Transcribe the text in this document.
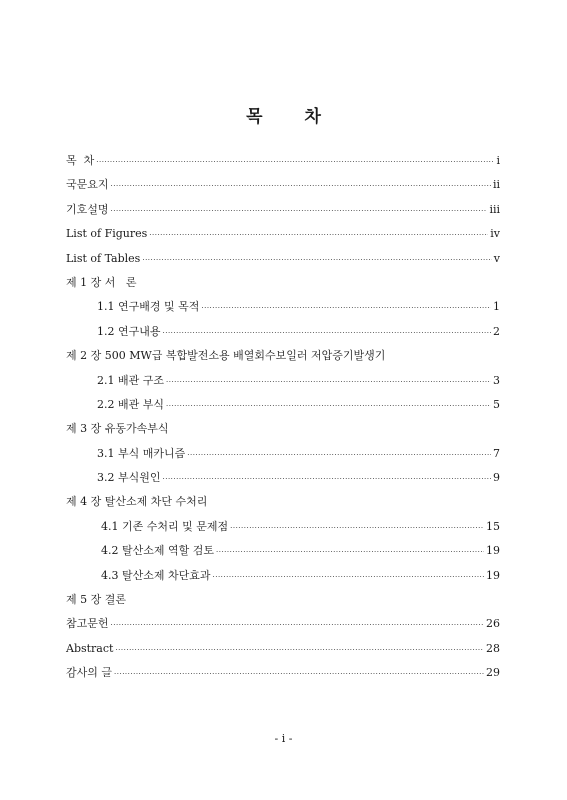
목 차
목  차 ·····	i
국문요지 ·····	ii
기호설명 ·····	iii
List of Figures ·····	iv
List of Tables ·····	v
제 1 장 서   론
1.1 연구배경 및 목적 ·····	1
1.2 연구내용 ·····	2
제 2 장 500 MW급 복합발전소용 배열회수보일러 저압증기발생기
2.1 배관 구조 ·····	3
2.2 배관 부식 ·····	5
제 3 장 유동가속부식
3.1 부식 매카니즘 ·····	7
3.2 부식원인 ·····	9
제 4 장 탈산소제 차단 수처리
4.1 기존 수처리 및 문제점 ·····	15
4.2 탈산소제 역할 검토 ·····	19
4.3 탈산소제 차단효과 ·····	19
제 5 장 결론
참고문헌 ·····	26
Abstract ·····	28
감사의 글 ·····	29
- i -
